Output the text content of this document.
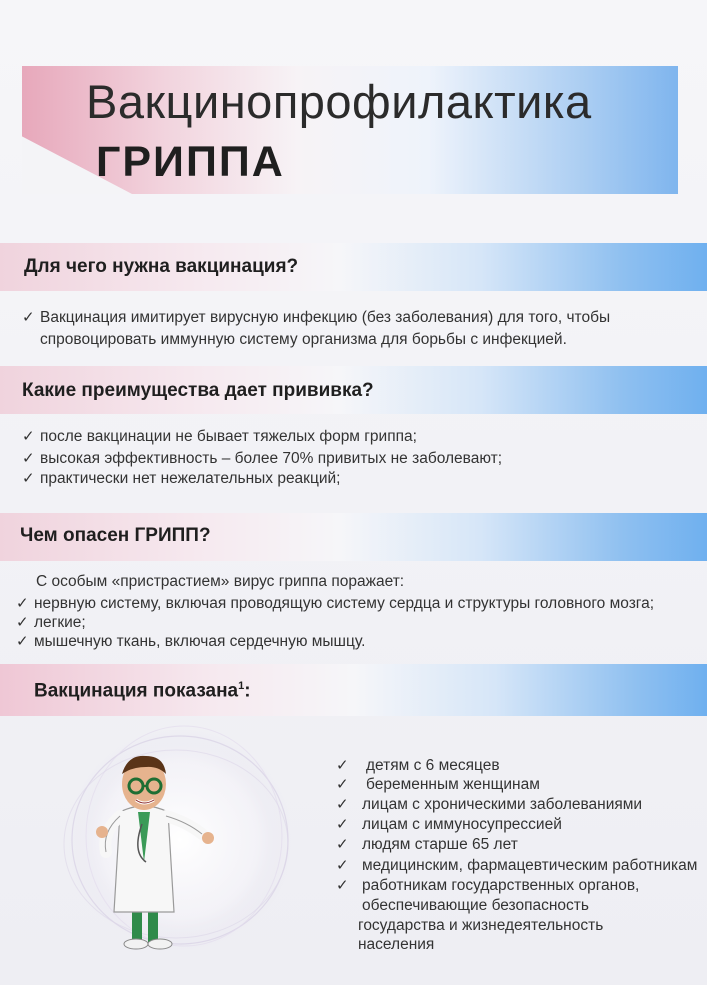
Вакцинопрофилактика
ГРИППА
Для чего нужна вакцинация?
✓ Вакцинация имитирует вирусную инфекцию (без заболевания) для того, чтобы
спровоцировать иммунную систему организма для борьбы с инфекцией.
Какие преимущества дает прививка?
✓ после вакцинации не бывает тяжелых форм гриппа;
✓ высокая эффективность – более 70% привитых не заболевают;
✓ практически нет нежелательных реакций;
Чем опасен ГРИПП?
С особым «пристрастием» вирус гриппа поражает:
✓ нервную систему, включая проводящую систему сердца и структуры головного мозга;
✓ легкие;
✓ мышечную ткань, включая сердечную мышцу.
Вакцинация показана$^1$:
✓ детям с 6 месяцев
✓ беременным женщинам
✓ лицам с хроническими заболеваниями
✓ лицам с иммуносупрессией
✓ людям старше 65 лет
✓ медицинским, фармацевтическим работникам
✓ работникам государственных органов,
обеспечивающие безопасность
государства и жизнедеятельность
населения
